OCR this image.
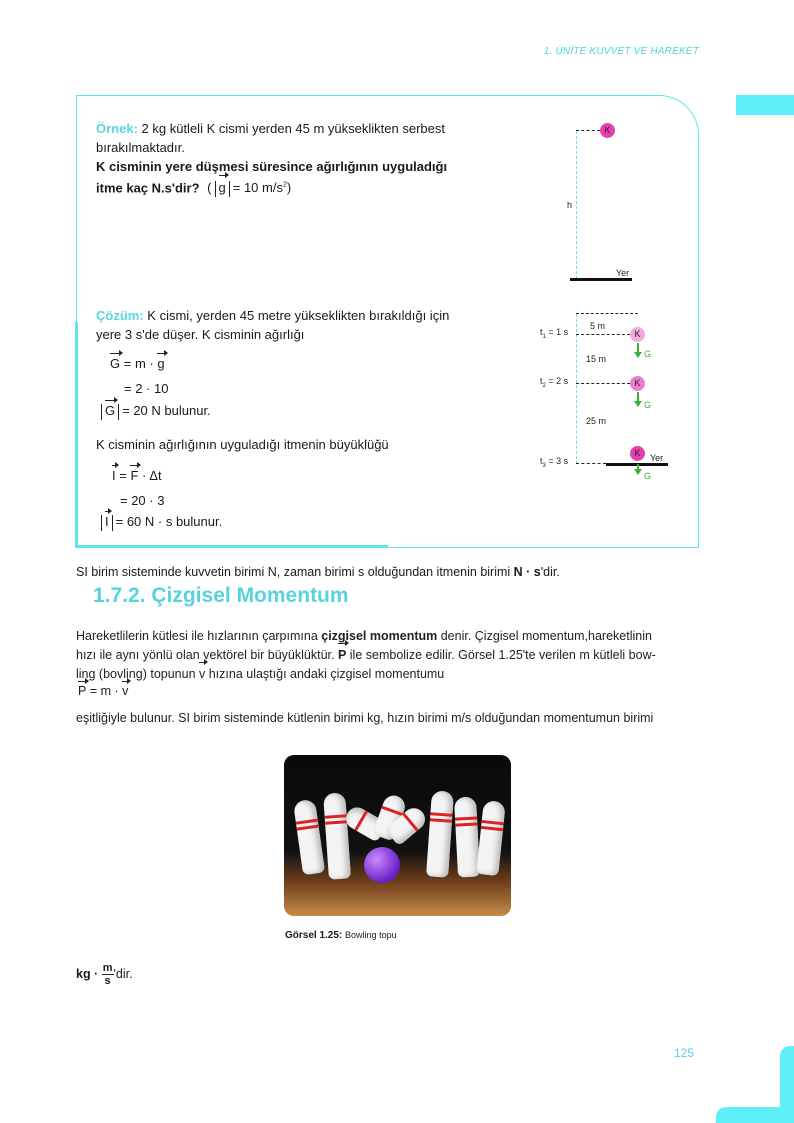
1. ÜNİTE KUVVET VE HAREKET
Örnek: 2 kg kütleli K cismi yerden 45 m yükseklikten serbest
bırakılmaktadır.
K cisminin yere düşmesi süresince ağırlığının uyguladığı
itme kaç N.s'dir? ( g = 10 $m/s^2$)
K
h
Yer
Çözüm: K cismi, yerden 45 metre yükseklikten bırakıldığı için
yere 3 s'de düşer. K cisminin ağırlığı
G = m · g
= 2 · 10
G = 20 N bulunur.
K cisminin ağırlığının uyguladığı itmenin büyüklüğü
I = F · Δt
= 20 · 3
I = 60 N · s bulunur.
$t_1 = 1$ s
$t_2 = 2$ s
$t_3 = 3$ s
5 m
15 m
25 m
K
G
K
G
K	Yer
G
SI birim sisteminde kuvvetin birimi N, zaman birimi s olduğundan itmenin birimi N · s'dir.
1.7.2. Çizgisel Momentum
Hareketlilerin kütlesi ile hızlarının çarpımına çizgisel momentum denir. Çizgisel momentum,hareketlinin
hızı ile aynı yönlü olan vektörel bir büyüklüktür. P ile sembolize edilir. Görsel 1.25'te verilen m kütleli bow-
ling (bovling) topunun v hızına ulaştığı andaki çizgisel momentumu
P = m · v
eşitliğiyle bulunur. SI birim sisteminde kütlenin birimi kg, hızın birimi m/s olduğundan momentumun birimi
Görsel 1.25: Bowling topu
kg · $\frac{m}{s}$ 'dir.
125
